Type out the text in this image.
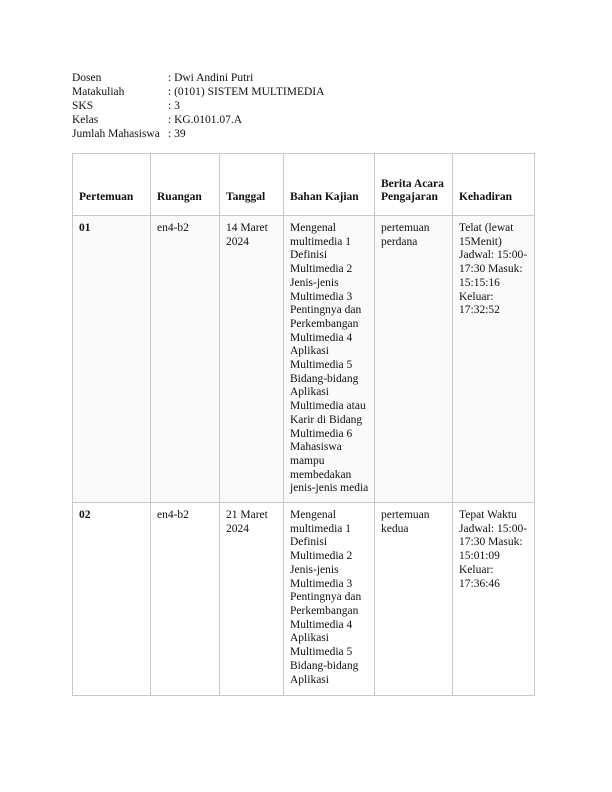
Dosen	: Dwi Andini Putri
Matakuliah	: (0101) SISTEM MULTIMEDIA
SKS	: 3
Kelas	: KG.0101.07.A
Jumlah Mahasiswa : 39
Pertemuan	Ruangan	Tanggal	Bahan Kajian	Berita Acara Pengajaran	Kehadiran
01	en4-b2	14 Maret 2024	Mengenal multimedia 1 Definisi Multimedia 2 Jenis-jenis Multimedia 3 Pentingnya dan Perkembangan Multimedia 4 Aplikasi Multimedia 5 Bidang-bidang Aplikasi Multimedia atau Karir di Bidang Multimedia 6 Mahasiswa mampu membedakan jenis-jenis media	pertemuan perdana	Telat (lewat 15Menit) Jadwal: 15:00-17:30 Masuk: 15:15:16 Keluar: 17:32:52
02	en4-b2	21 Maret 2024	Mengenal multimedia 1 Definisi Multimedia 2 Jenis-jenis Multimedia 3 Pentingnya dan Perkembangan Multimedia 4 Aplikasi Multimedia 5 Bidang-bidang Aplikasi	pertemuan kedua	Tepat Waktu Jadwal: 15:00-17:30 Masuk: 15:01:09 Keluar: 17:36:46
